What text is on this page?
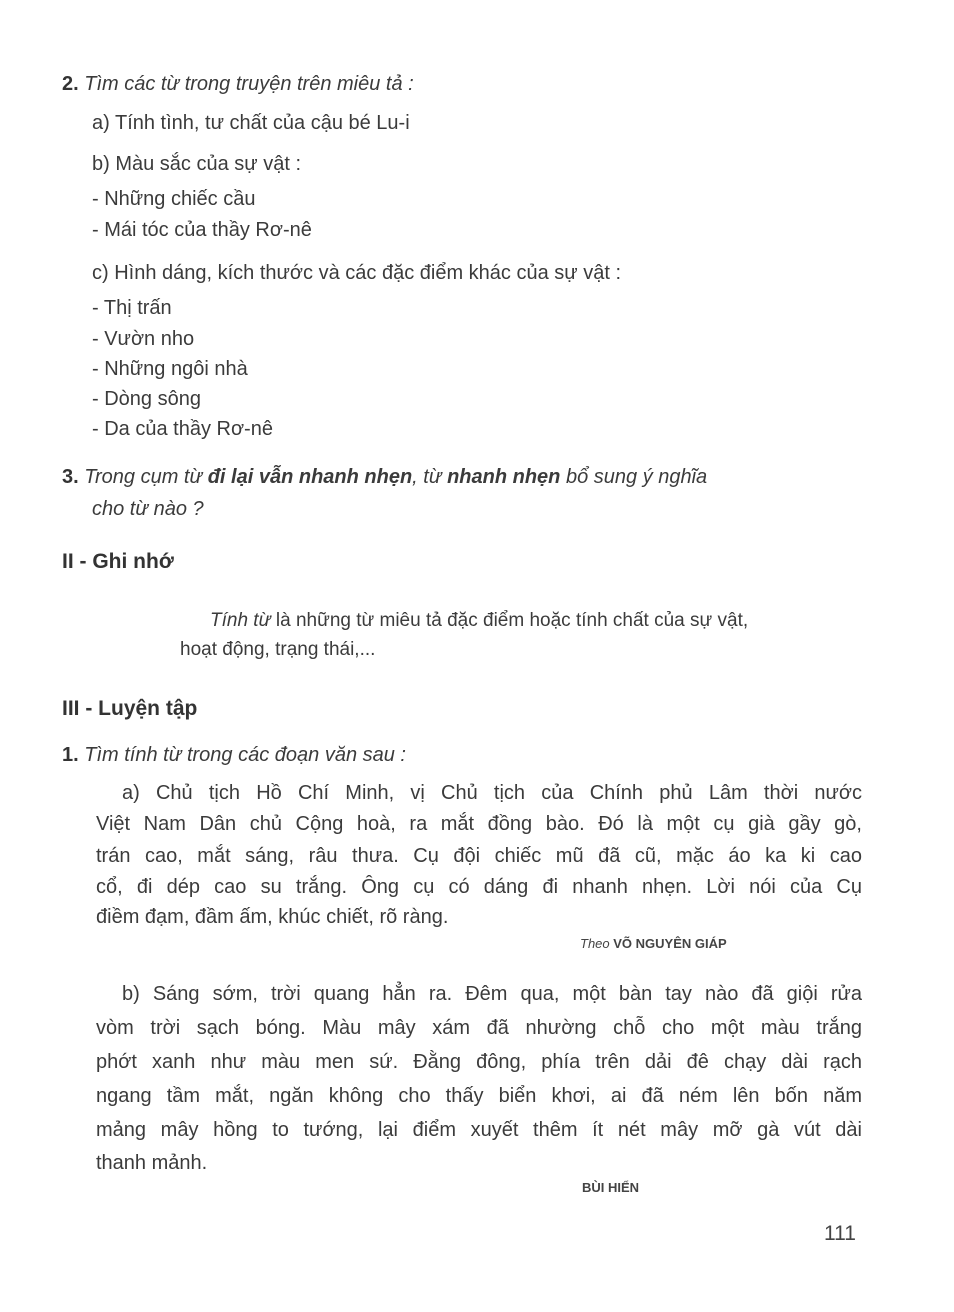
2. Tìm các từ trong truyện trên miêu tả :
a) Tính tình, tư chất của cậu bé Lu-i
b) Màu sắc của sự vật :
- Những chiếc cầu
- Mái tóc của thầy Rơ-nê
c) Hình dáng, kích thước và các đặc điểm khác của sự vật :
- Thị trấn
- Vườn nho
- Những ngôi nhà
- Dòng sông
- Da của thầy Rơ-nê
3. Trong cụm từ đi lại vẫn nhanh nhẹn, từ nhanh nhẹn bổ sung ý nghĩa
cho từ nào ?
II - Ghi nhớ
Tính từ là những từ miêu tả đặc điểm hoặc tính chất của sự vật,
hoạt động, trạng thái,...
III - Luyện tập
1. Tìm tính từ trong các đoạn văn sau :
a) Chủ tịch Hồ Chí Minh, vị Chủ tịch của Chính phủ Lâm thời nước
Việt Nam Dân chủ Cộng hoà, ra mắt đồng bào. Đó là một cụ già gầy gò,
trán cao, mắt sáng, râu thưa. Cụ đội chiếc mũ đã cũ, mặc áo ka ki cao
cổ, đi dép cao su trắng. Ông cụ có dáng đi nhanh nhẹn. Lời nói của Cụ
điềm đạm, đầm ấm, khúc chiết, rõ ràng.
Theo VÕ NGUYÊN GIÁP
b) Sáng sớm, trời quang hẳn ra. Đêm qua, một bàn tay nào đã giội rửa
vòm trời sạch bóng. Màu mây xám đã nhường chỗ cho một màu trắng
phớt xanh như màu men sứ. Đằng đông, phía trên dải đê chạy dài rạch
ngang tầm mắt, ngăn không cho thấy biển khơi, ai đã ném lên bốn năm
mảng mây hồng to tướng, lại điểm xuyết thêm ít nét mây mỡ gà vút dài
thanh mảnh.
BÙI HIỂN
111
